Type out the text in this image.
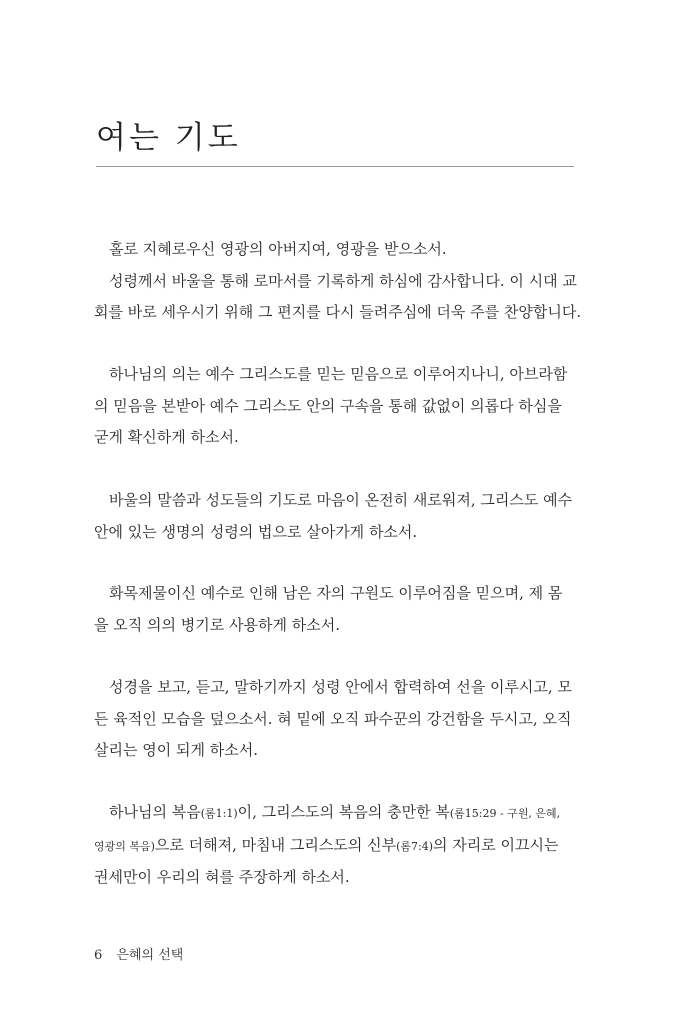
여는 기도

홀로 지혜로우신 영광의 아버지여, 영광을 받으소서.
성령께서 바울을 통해 로마서를 기록하게 하심에 감사합니다. 이 시대 교
회를 바로 세우시기 위해 그 편지를 다시 들려주심에 더욱 주를 찬양합니다.

하나님의 의는 예수 그리스도를 믿는 믿음으로 이루어지나니, 아브라함
의 믿음을 본받아 예수 그리스도 안의 구속을 통해 값없이 의롭다 하심을
굳게 확신하게 하소서.

바울의 말씀과 성도들의 기도로 마음이 온전히 새로워져, 그리스도 예수
안에 있는 생명의 성령의 법으로 살아가게 하소서.

화목제물이신 예수로 인해 남은 자의 구원도 이루어짐을 믿으며, 제 몸
을 오직 의의 병기로 사용하게 하소서.

성경을 보고, 듣고, 말하기까지 성령 안에서 합력하여 선을 이루시고, 모
든 육적인 모습을 덮으소서. 혀 밑에 오직 파수꾼의 강건함을 두시고, 오직
살리는 영이 되게 하소서.

하나님의 복음(롬1:1)이, 그리스도의 복음의 충만한 복(롬15:29 - 구원, 은혜,
영광의 복음)으로 더해져, 마침내 그리스도의 신부(롬7:4)의 자리로 이끄시는
권세만이 우리의 혀를 주장하게 하소서.

6 은혜의 선택
